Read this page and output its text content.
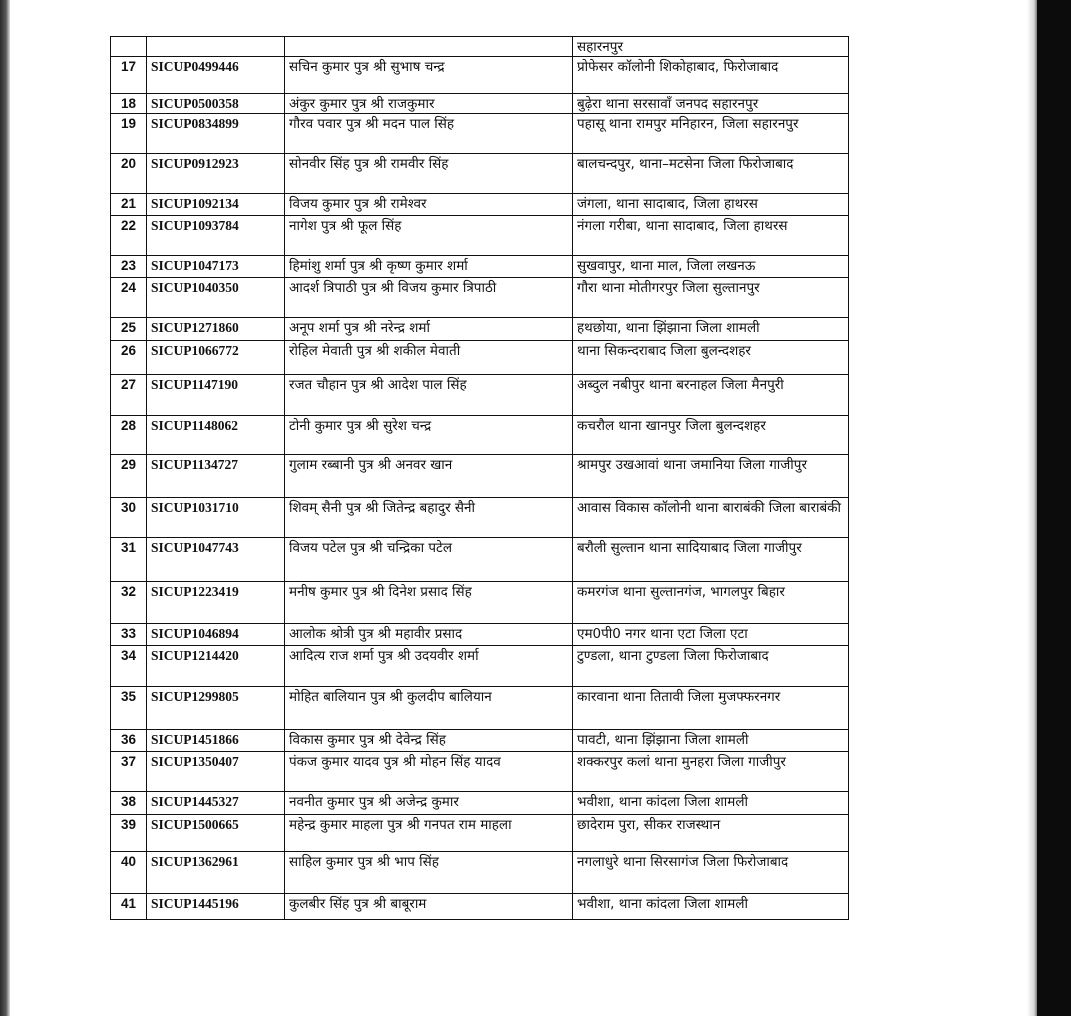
			सहारनपुर
17	SICUP0499446	सचिन कुमार पुत्र श्री सुभाष चन्द्र	प्रोफेसर कॉलोनी शिकोहाबाद, फिरोजाबाद
18	SICUP0500358	अंकुर कुमार पुत्र श्री राजकुमार	बुढ़ेरा थाना सरसावाँ जनपद सहारनपुर
19	SICUP0834899	गौरव पवार पुत्र श्री मदन पाल सिंह	पहासू थाना रामपुर मनिहारन, जिला सहारनपुर
20	SICUP0912923	सोनवीर सिंह पुत्र श्री रामवीर सिंह	बालचन्दपुर, थाना–मटसेना जिला फिरोजाबाद
21	SICUP1092134	विजय कुमार पुत्र श्री रामेश्वर	जंगला, थाना सादाबाद, जिला हाथरस
22	SICUP1093784	नागेश पुत्र श्री फूल सिंह	नंगला गरीबा, थाना सादाबाद, जिला हाथरस
23	SICUP1047173	हिमांशु शर्मा पुत्र श्री कृष्ण कुमार शर्मा	सुखवापुर, थाना माल, जिला लखनऊ
24	SICUP1040350	आदर्श त्रिपाठी पुत्र श्री विजय कुमार त्रिपाठी	गौरा थाना मोतीगरपुर जिला सुल्तानपुर
25	SICUP1271860	अनूप शर्मा पुत्र श्री नरेन्द्र शर्मा	हथछोया, थाना झिंझाना जिला शामली
26	SICUP1066772	रोहिल मेवाती पुत्र श्री शकील मेवाती	थाना सिकन्दराबाद जिला बुलन्दशहर
27	SICUP1147190	रजत चौहान पुत्र श्री आदेश पाल सिंह	अब्दुल नबीपुर थाना बरनाहल जिला मैनपुरी
28	SICUP1148062	टोनी कुमार पुत्र श्री सुरेश चन्द्र	कचरौल थाना खानपुर जिला बुलन्दशहर
29	SICUP1134727	गुलाम रब्बानी पुत्र श्री अनवर खान	श्रामपुर उखआवां थाना जमानिया जिला गाजीपुर
30	SICUP1031710	शिवम् सैनी पुत्र श्री जितेन्द्र बहादुर सैनी	आवास विकास कॉलोनी थाना बाराबंकी जिला बाराबंकी
31	SICUP1047743	विजय पटेल पुत्र श्री चन्द्रिका पटेल	बरौली सुल्तान थाना सादियाबाद जिला गाजीपुर
32	SICUP1223419	मनीष कुमार पुत्र श्री दिनेश प्रसाद सिंह	कमरगंज थाना सुल्तानगंज, भागलपुर बिहार
33	SICUP1046894	आलोक श्रोत्री पुत्र श्री महावीर प्रसाद	एम0पी0 नगर थाना एटा जिला एटा
34	SICUP1214420	आदित्य राज शर्मा पुत्र श्री उदयवीर शर्मा	टुण्डला, थाना टुण्डला जिला फिरोजाबाद
35	SICUP1299805	मोहित बालियान पुत्र श्री कुलदीप बालियान	कारवाना थाना तितावी जिला मुजफ्फरनगर
36	SICUP1451866	विकास कुमार पुत्र श्री देवेन्द्र सिंह	पावटी, थाना झिंझाना जिला शामली
37	SICUP1350407	पंकज कुमार यादव पुत्र श्री मोहन सिंह यादव	शक्करपुर कलां थाना मुनहरा जिला गाजीपुर
38	SICUP1445327	नवनीत कुमार पुत्र श्री अजेन्द्र कुमार	भवीशा, थाना कांदला जिला शामली
39	SICUP1500665	महेन्द्र कुमार माहला पुत्र श्री गनपत राम माहला	छादेराम पुरा, सीकर राजस्थान
40	SICUP1362961	साहिल कुमार पुत्र श्री भाप सिंह	नगलाधुरे थाना सिरसागंज जिला फिरोजाबाद
41	SICUP1445196	कुलबीर सिंह पुत्र श्री बाबूराम	भवीशा, थाना कांदला जिला शामली
